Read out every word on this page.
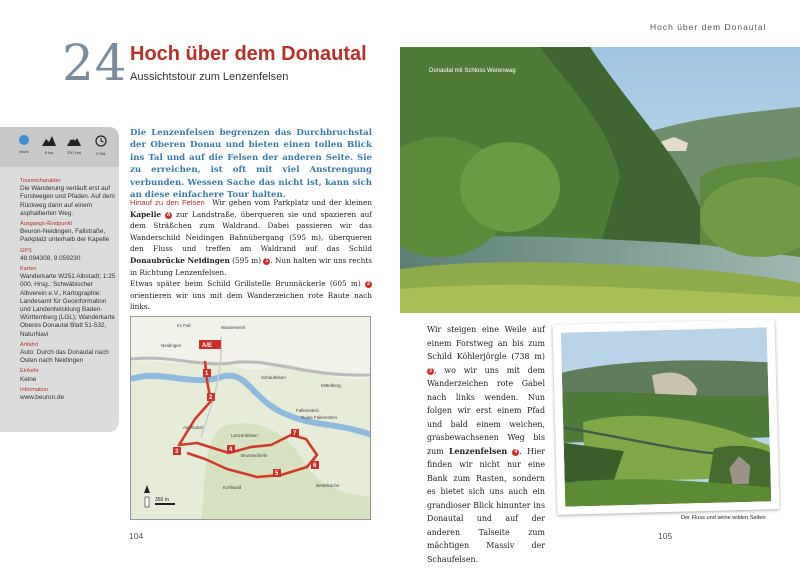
24 Hoch über dem Donautal
Aussichtstour zum Lenzenfelsen
leicht	8 km	200 Hm	3 Std.
Tourencharakter
Die Wanderung verläuft erst auf Forstwegen und Pfaden. Auf dem Rückweg dann auf einem asphaltierten Weg.
Ausgangs-/Endpunkt
Beuron-Neidingen, Fallstraße, Parkplatz unterhalb der Kapelle
GPS
48.094308, 9.059230
Karten
Wanderkarte W251 Albstadt; 1:25 000, Hrsg.: Schwäbischer Albverein e.V., Kartographie: Landesamt für Geoinformation und Landentwicklung Baden-Württemberg (LGL); Wanderkarte Oberes Donautal Blatt 51-532, NaturNavi
Anfahrt
Auto: Durch das Donautal nach Osten nach Neidingen
Einkehr
Keine
Information
www.beuron.de

Die Lenzenfelsen begrenzen das Durchbruchstal der Oberen Donau und bieten einen tollen Blick ins Tal und auf die Felsen der anderen Seite. Sie zu erreichen, ist oft mit viel Anstrengung verbunden. Wessen Sache das nicht ist, kann sich an diese einfachere Tour halten.

Hinauf zu den Felsen Wir gehen vom Parkplatz und der kleinen Kapelle A zur Landstraße, überqueren sie und spazieren auf dem Sträßchen zum Waldrand. Dabei passieren wir das Wanderschild Neidingen Bahnübergang (595 m), überqueren den Fluss und treffen am Waldrand auf das Schild Donaubrücke Neidingen (595 m) 1 . Nun halten wir uns rechts in Richtung Lenzenfelsen.
Etwas später beim Schild Grillstelle Brunnäckerle (605 m) 2 orientieren wir uns mit dem Wanderzeichen rote Raute nach links.

A/E
1
2
3	4
7
6
5
Im Fall
Neidingen
Wasserwerk
Aachtobel
Schaufelsen
Mittelberg
Falkenstein
Kohlwald	Bettelküche
Ruine Falkenstein
Lenzenfelsen
Brunnäckerle
350 m
104
Hoch über dem Donautal
Donautal mit Schloss Werenwag

Wir steigen eine Weile auf einem Forstweg an bis zum Schild Köhlerjörgle (738 m) 3 , wo wir uns mit dem Wanderzeichen rote Gabel nach links wenden. Nun folgen wir erst einem Pfad und bald einem weichen, grasbewachsenen Weg bis zum Lenzenfelsen 4 . Hier finden wir nicht nur eine Bank zum Rasten, sondern es bietet sich uns auch ein grandioser Blick hinunter ins Donautal und auf der anderen Talseite zum mächtigen Massiv der Schaufelsen.

Der Fluss und seine wilden Seiten
105
